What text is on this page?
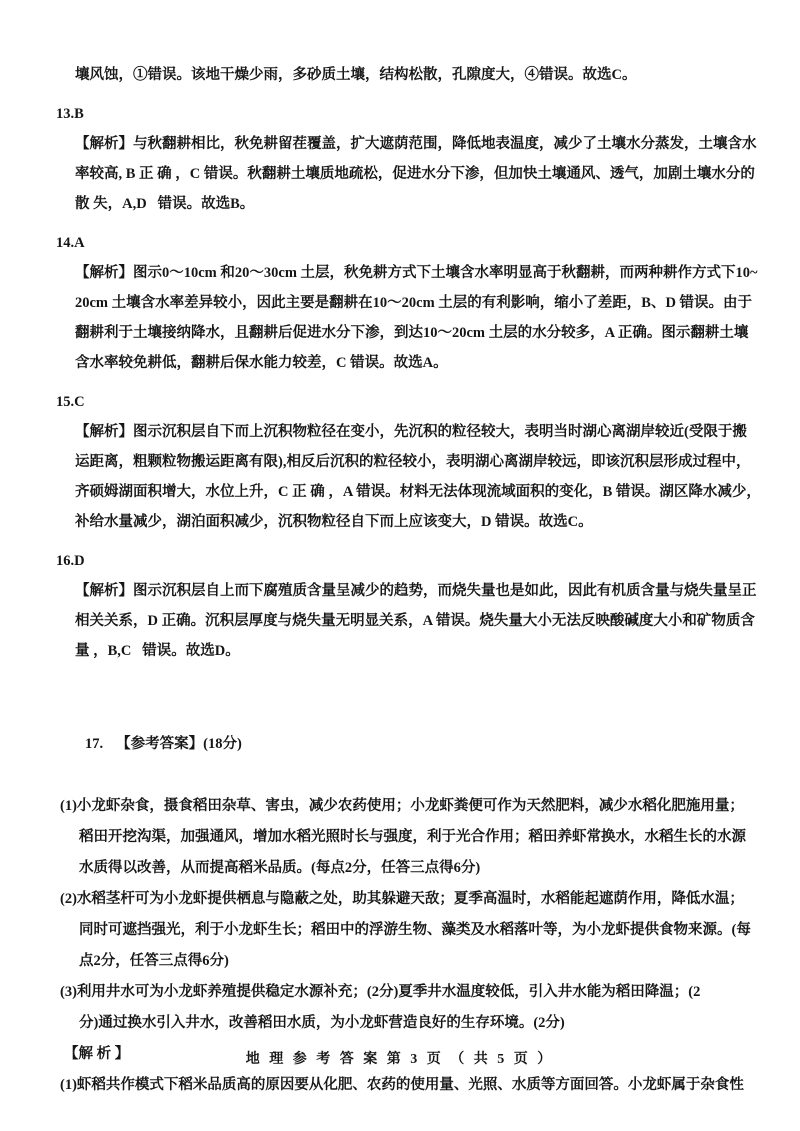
壤风蚀，①错误。该地干燥少雨，多砂质土壤，结构松散，孔隙度大，④错误。故选C。
13.B
【解析】与秋翻耕相比，秋免耕留茬覆盖，扩大遮荫范围，降低地表温度，减少了土壤水分蒸发，土壤含水
率较高, B 正 确 ，C 错误。秋翻耕土壤质地疏松，促进水分下渗，但加快土壤通风、透气，加剧土壤水分的
散 失，A,D   错误。故选B。
14.A
【解析】图示0～10cm 和20～30cm 土层，秋免耕方式下土壤含水率明显高于秋翻耕，而两种耕作方式下10~
20cm 土壤含水率差异较小，因此主要是翻耕在10～20cm 土层的有利影响，缩小了差距，B、D 错误。由于
翻耕利于土壤接纳降水，且翻耕后促进水分下渗，到达10～20cm 土层的水分较多，A 正确。图示翻耕土壤
含水率较免耕低，翻耕后保水能力较差，C 错误。故选A。
15.C
【解析】图示沉积层自下而上沉积物粒径在变小，先沉积的粒径较大，表明当时湖心离湖岸较近(受限于搬
运距离，粗颗粒物搬运距离有限),相反后沉积的粒径较小，表明湖心离湖岸较远，即该沉积层形成过程中，
齐硕姆湖面积增大，水位上升，C 正 确 ，A 错误。材料无法体现流域面积的变化，B 错误。湖区降水减少，
补给水量减少，湖泊面积减少，沉积物粒径自下而上应该变大，D 错误。故选C。
16.D
【解析】图示沉积层自上而下腐殖质含量呈减少的趋势，而烧失量也是如此，因此有机质含量与烧失量呈正
相关关系，D 正确。沉积层厚度与烧失量无明显关系，A 错误。烧失量大小无法反映酸碱度大小和矿物质含
量 ，B,C   错误。故选D。

17. 【参考答案】(18分)

(1)小龙虾杂食，摄食稻田杂草、害虫，减少农药使用；小龙虾粪便可作为天然肥料，减少水稻化肥施用量；
稻田开挖沟渠，加强通风，增加水稻光照时长与强度，利于光合作用；稻田养虾常换水，水稻生长的水源
水质得以改善，从而提高稻米品质。(每点2分，任答三点得6分)
(2)水稻茎杆可为小龙虾提供栖息与隐蔽之处，助其躲避天敌；夏季高温时，水稻能起遮荫作用，降低水温；
同时可遮挡强光，利于小龙虾生长；稻田中的浮游生物、藻类及水稻落叶等，为小龙虾提供食物来源。(每
点2分，任答三点得6分)
(3)利用井水可为小龙虾养殖提供稳定水源补充；(2分)夏季井水温度较低，引入井水能为稻田降温；(2
分)通过换水引入井水，改善稻田水质，为小龙虾营造良好的生存环境。(2分)
【解 析 】
(1)虾稻共作模式下稻米品质高的原因要从化肥、农药的使用量、光照、水质等方面回答。小龙虾属于杂食性
地 理 参 考 答 案 第 3 页 （ 共 5 页 ）
